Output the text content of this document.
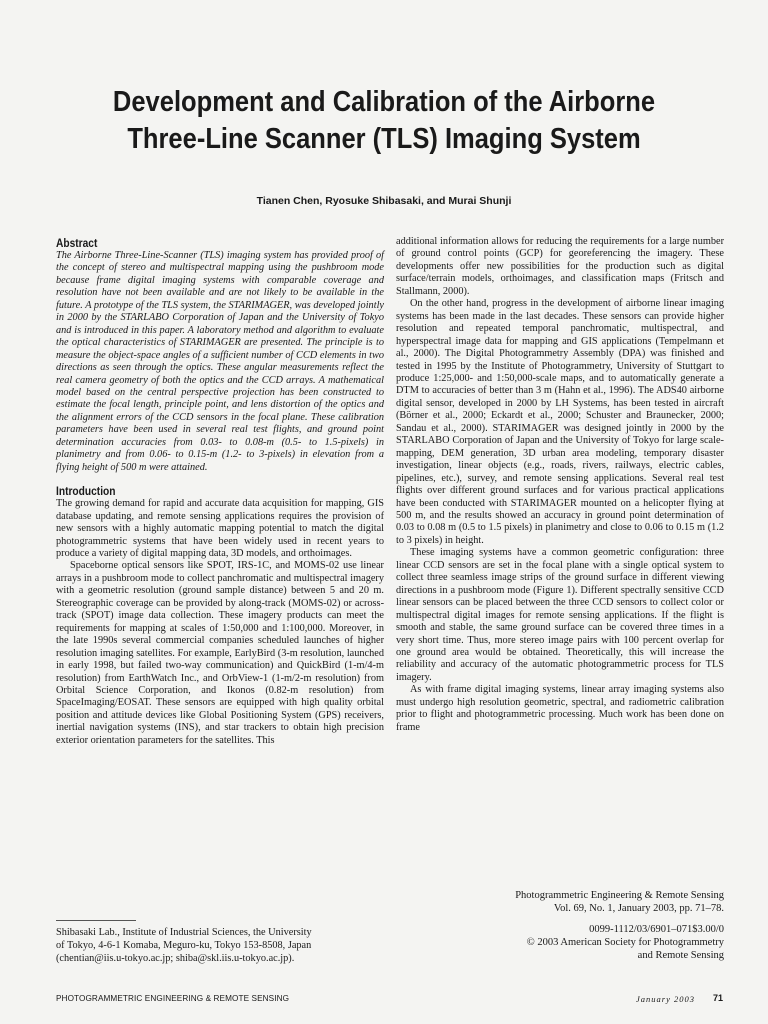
Development and Calibration of the Airborne
Three-Line Scanner (TLS) Imaging System
Tianen Chen, Ryosuke Shibasaki, and Murai Shunji
Abstract

The Airborne Three-Line-Scanner (TLS) imaging system has provided proof of the concept of stereo and multispectral mapping using the pushbroom mode because frame digital imaging systems with comparable coverage and resolution have not been available and are not likely to be available in the future. A prototype of the TLS system, the STARIMAGER, was developed jointly in 2000 by the STARLABO Corporation of Japan and the University of Tokyo and is introduced in this paper. A laboratory method and algorithm to evaluate the optical characteristics of STARIMAGER are presented. The principle is to measure the object-space angles of a sufficient number of CCD elements in two directions as seen through the optics. These angular measurements reflect the real camera geometry of both the optics and the CCD arrays. A mathematical model based on the central perspective projection has been constructed to estimate the focal length, principle point, and lens distortion of the optics and the alignment errors of the CCD sensors in the focal plane. These calibration parameters have been used in several real test flights, and ground point determination accuracies from 0.03- to 0.08-m (0.5- to 1.5-pixels) in planimetry and from 0.06- to 0.15-m (1.2- to 3-pixels) in elevation from a flying height of 500 m were attained.

Introduction

The growing demand for rapid and accurate data acquisition for mapping, GIS database updating, and remote sensing applications requires the provision of new sensors with a highly automatic mapping potential to match the digital photogrammetric systems that have been widely used in recent years to produce a variety of digital mapping data, 3D models, and orthoimages.

Spaceborne optical sensors like SPOT, IRS-1C, and MOMS-02 use linear arrays in a pushbroom mode to collect panchromatic and multispectral imagery with a geometric resolution (ground sample distance) between 5 and 20 m. Stereographic coverage can be provided by along-track (MOMS-02) or across-track (SPOT) image data collection. These imagery products can meet the requirements for mapping at scales of 1:50,000 and 1:100,000. Moreover, in the late 1990s several commercial companies scheduled launches of higher resolution imaging satellites. For example, EarlyBird (3-m resolution, launched in early 1998, but failed two-way communication) and QuickBird (1-m/4-m resolution) from EarthWatch Inc., and OrbView-1 (1-m/2-m resolution) from Orbital Science Corporation, and Ikonos (0.82-m resolution) from SpaceImaging/EOSAT. These sensors are equipped with high quality orbital position and attitude devices like Global Positioning System (GPS) receivers, inertial navigation systems (INS), and star trackers to obtain high precision exterior orientation parameters for the satellites. This

additional information allows for reducing the requirements for a large number of ground control points (GCP) for georeferencing the imagery. These developments offer new possibilities for the production such as digital surface/terrain models, orthoimages, and classification maps (Fritsch and Stallmann, 2000).

On the other hand, progress in the development of airborne linear imaging systems has been made in the last decades. These sensors can provide higher resolution and repeated temporal panchromatic, multispectral, and hyperspectral image data for mapping and GIS applications (Tempelmann et al., 2000). The Digital Photogrammetry Assembly (DPA) was finished and tested in 1995 by the Institute of Photogrammetry, University of Stuttgart to produce 1:25,000- and 1:50,000-scale maps, and to automatically generate a DTM to accuracies of better than 3 m (Hahn et al., 1996). The ADS40 airborne digital sensor, developed in 2000 by LH Systems, has been tested in aircraft (Börner et al., 2000; Eckardt et al., 2000; Schuster and Braunecker, 2000; Sandau et al., 2000). STARIMAGER was designed jointly in 2000 by the STARLABO Corporation of Japan and the University of Tokyo for large scale-mapping, DEM generation, 3D urban area modeling, temporary disaster investigation, linear objects (e.g., roads, rivers, railways, electric cables, pipelines, etc.), survey, and remote sensing applications. Several real test flights over different ground surfaces and for various practical applications have been conducted with STARIMAGER mounted on a helicopter flying at 500 m, and the results showed an accuracy in ground point determination of 0.03 to 0.08 m (0.5 to 1.5 pixels) in planimetry and close to 0.06 to 0.15 m (1.2 to 3 pixels) in height.

These imaging systems have a common geometric configuration: three linear CCD sensors are set in the focal plane with a single optical system to collect three seamless image strips of the ground surface in different viewing directions in a pushbroom mode (Figure 1). Different spectrally sensitive CCD linear sensors can be placed between the three CCD sensors to collect color or multispectral digital images for remote sensing applications. If the flight is smooth and stable, the same ground surface can be covered three times in a very short time. Thus, more stereo image pairs with 100 percent overlap for one ground area would be obtained. Theoretically, this will increase the reliability and accuracy of the automatic photogrammetric process for TLS imagery.

As with frame digital imaging systems, linear array imaging systems also must undergo high resolution geometric, spectral, and radiometric calibration prior to flight and photogrammetric processing. Much work has been done on frame

Photogrammetric Engineering & Remote Sensing
Vol. 69, No. 1, January 2003, pp. 71–78.
0099-1112/03/6901–071$3.00/0
© 2003 American Society for Photogrammetry
and Remote Sensing
Shibasaki Lab., Institute of Industrial Sciences, the University
of Tokyo, 4-6-1 Komaba, Meguro-ku, Tokyo 153-8508, Japan
(chentian@iis.u-tokyo.ac.jp; shiba@skl.iis.u-tokyo.ac.jp).
PHOTOGRAMMETRIC ENGINEERING & REMOTE SENSING	January 2003 71
